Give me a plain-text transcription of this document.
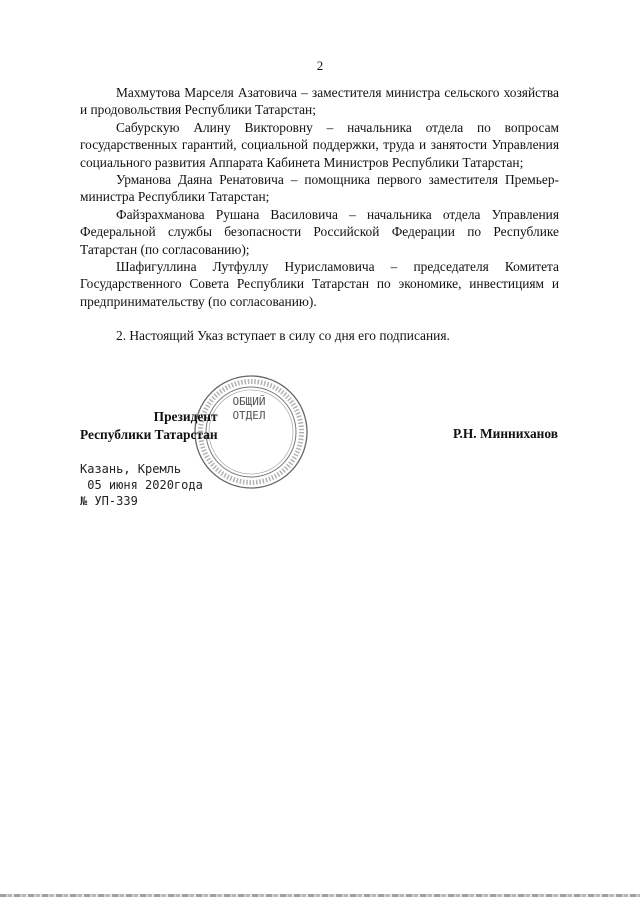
2

Махмутова Марселя Азатовича – заместителя министра сельского хозяйства и продовольствия Республики Татарстан;

Сабурскую Алину Викторовну – начальника отдела по вопросам государственных гарантий, социальной поддержки, труда и занятости Управления социального развития Аппарата Кабинета Министров Республики Татарстан;

Урманова Даяна Ренатовича – помощника первого заместителя Премьер-министра Республики Татарстан;

Файзрахманова Рушана Василовича – начальника отдела Управления Федеральной службы безопасности Российской Федерации по Республике Татарстан (по согласованию);

Шафигуллина Лутфуллу Нурисламовича – председателя Комитета Государственного Совета Республики Татарстан по экономике, инвестициям и предпринимательству (по согласованию).

2. Настоящий Указ вступает в силу со дня его подписания.

ОБЩИЙ
ОТДЕЛ
Президент
Республики Татарстан	Р.Н. Минниханов
Казань, Кремль
05 июня 2020года
№ УП-339
